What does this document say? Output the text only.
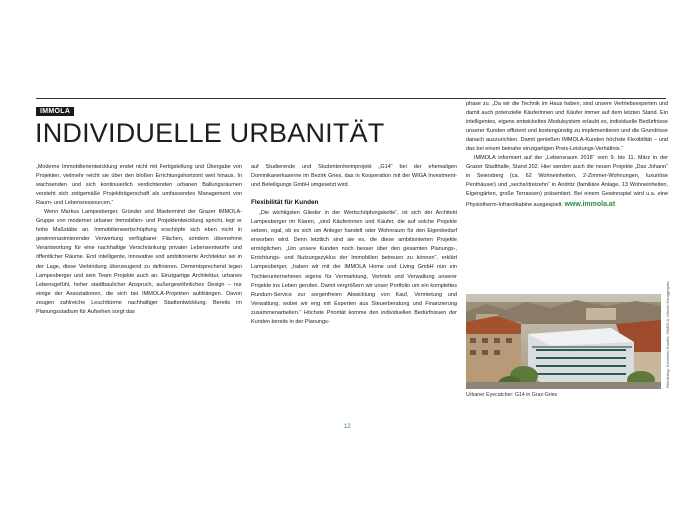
IMMOLA
INDIVIDUELLE URBANITÄT

„Moderne Immobilienentwicklung endet nicht mit Fertigstellung und Übergabe von Projekten, vielmehr reicht sie über den bloßen Errichtungshorizont weit hinaus. In wachsenden und sich kontinuierlich verdichtenden urbanen Ballungsräumen versteht sich zeitgemäße Projektträgerschaft als umfassendes Management von Raum- und Lebensressourcen.“

Wenn Markus Lampesberger, Gründer und Mastermind der Grazer IMMOLA-Gruppe von moderner urbaner Immobilien- und Projektentwicklung spricht, legt er hohe Maßstäbe an. Immobilienwertschöpfung erschöpfe sich eben nicht in gewinnmaximierender Verwertung verfügbarer Flächen, sondern übernehme Verantwortung für eine nachhaltige Verschränkung privater Lebensentwürfe und öffentlicher Räume. Erst intelligente, innovative und ambitionierte Architektur sei in der Lage, diese Verbindung überzeugend zu definieren. Dementsprechend legen Lampesberger und sein Team Projekte auch an. Einzigartige Architektur, urbanes Lebensgefühl, hoher stadtbaulicher Anspruch, außergewöhnliches Design – nur einige der Assoziationen, die sich bei IMMOLA-Projekten aufdrängen. Davon zeugen zahlreiche Leuchttürme nachhaltiger Stadtentwicklung. Bereits im Planungsstadium für Aufsehen sorgt das

auf Studierende und Studentenheimprojekt „G14“ bei der ehemaligen Dominikanerkaserne im Bezirk Gries, das in Kooperation mit der WIGA Investment- und Beteiligungs GmbH umgesetzt wird.

Flexibilität für Kunden

„Die wichtigsten Glieder in der Wertschöpfungskette“, ist sich der Architekt Lampesberger im Klaren, „sind Käuferinnen und Käufer, die auf solche Projekte setzen, egal, ob es sich um Anleger handelt oder Wohnraum für den Eigenbedarf erworben wird. Denn letztlich sind sie es, die diese ambitionierten Projekte ermöglichen. „Um unsere Kunden noch besser über den gesamten Planungs-, Errichtungs- und Nutzungszyklus der Immobilien betreuen zu können“, erklärt Lampesberger, „haben wir mit der IMMOLA Home und Living GmbH nun ein Tochterunternehmen eigens für Vermarktung, Vertrieb und Verwaltung unserer Projekte ins Leben gerufen. Damit vergrößern wir unser Portfolio um ein komplettes Rundum-Service zur sorgenfreien Abwicklung von Kauf, Vermietung und Verwaltung, wobei wir eng mit Experten aus Steuerberatung und Finanzierung zusammenarbeiten.“ Höchste Priorität komme den individuellen Bedürfnissen der Kunden bereits in der Planungs-

phase zu. „Da wir die Technik im Haus haben, sind unsere Vertriebsexperten und damit auch potenzielle Käuferinnen und Käufer immer auf dem letzten Stand. Ein intelligentes, eigens entwickeltes Modulsystem erlaubt es, individuelle Bedürfnisse unserer Kunden effizient und kostengünstig zu implementieren und die Grundrisse danach auszurichten. Damit genießen IMMOLA-Kunden höchste Flexibilität – und das bei einem beinahe einzigartigen Preis-Leistungs-Verhältnis.“

IMMOLA informiert auf der „Lebensraum 2018“ vom 9. bis 11. März in der Grazer Stadthalle, Stand 202. Hier werden auch die neuen Projekte „Das Johann“ in Seiersberg (ca. 62 Wohneinheiten, 2-Zimmer-Wohnungen, luxuriöse Penthäuser) und „sechs/dreizehn“ in Andritz (familiäre Anlage, 13 Wohneinheiten, Eigengärten, große Terrassen) präsentiert. Bei einem Gewinnspiel wird u.a. eine Physiotherm-Infrarotkabine ausgespielt. www.immola.at

Rendering: Schreiner Kastler, IMMOLA, iStock/ Konggraphic
Urbaner Eyecatcher: G14 in Graz-Gries
12
